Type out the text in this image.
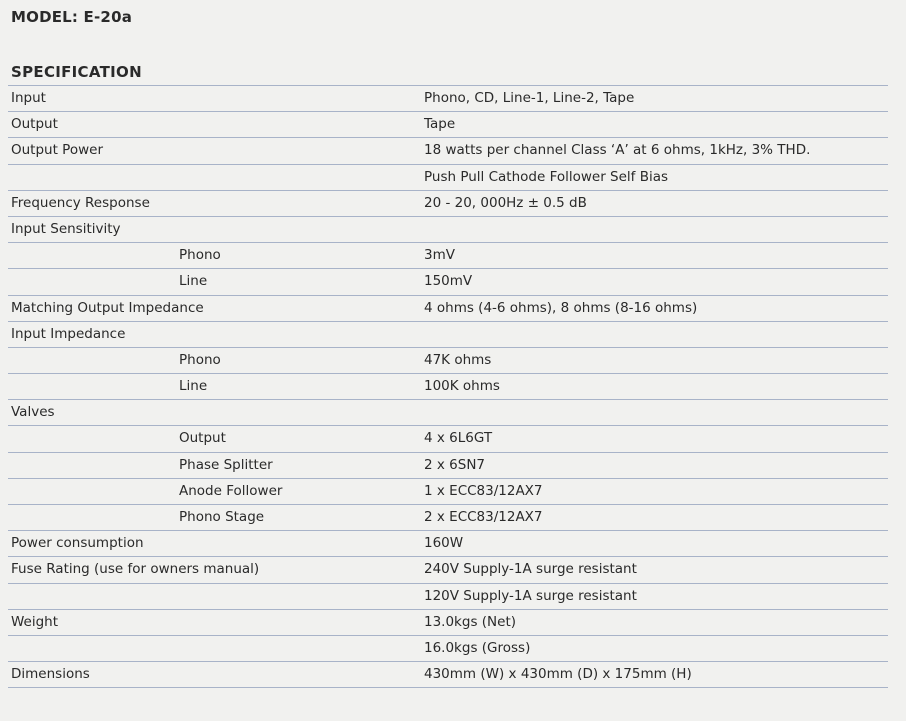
MODEL: E-20a
SPECIFICATION
Input	Phono, CD, Line-1, Line-2, Tape
Output	Tape
Output Power	18 watts per channel Class ‘A’ at 6 ohms, 1kHz, 3% THD.
Push Pull Cathode Follower Self Bias
Frequency Response	20 - 20, 000Hz ± 0.5 dB
Input Sensitivity
Phono	3mV
Line	150mV
Matching Output Impedance	4 ohms (4-6 ohms), 8 ohms (8-16 ohms)
Input Impedance
Phono	47K ohms
Line	100K ohms
Valves
Output	4 x 6L6GT
Phase Splitter	2 x 6SN7
Anode Follower	1 x ECC83/12AX7
Phono Stage	2 x ECC83/12AX7
Power consumption	160W
Fuse Rating (use for owners manual)	240V Supply-1A surge resistant
120V Supply-1A surge resistant
Weight	13.0kgs (Net)
16.0kgs (Gross)
Dimensions	430mm (W) x 430mm (D) x 175mm (H)
